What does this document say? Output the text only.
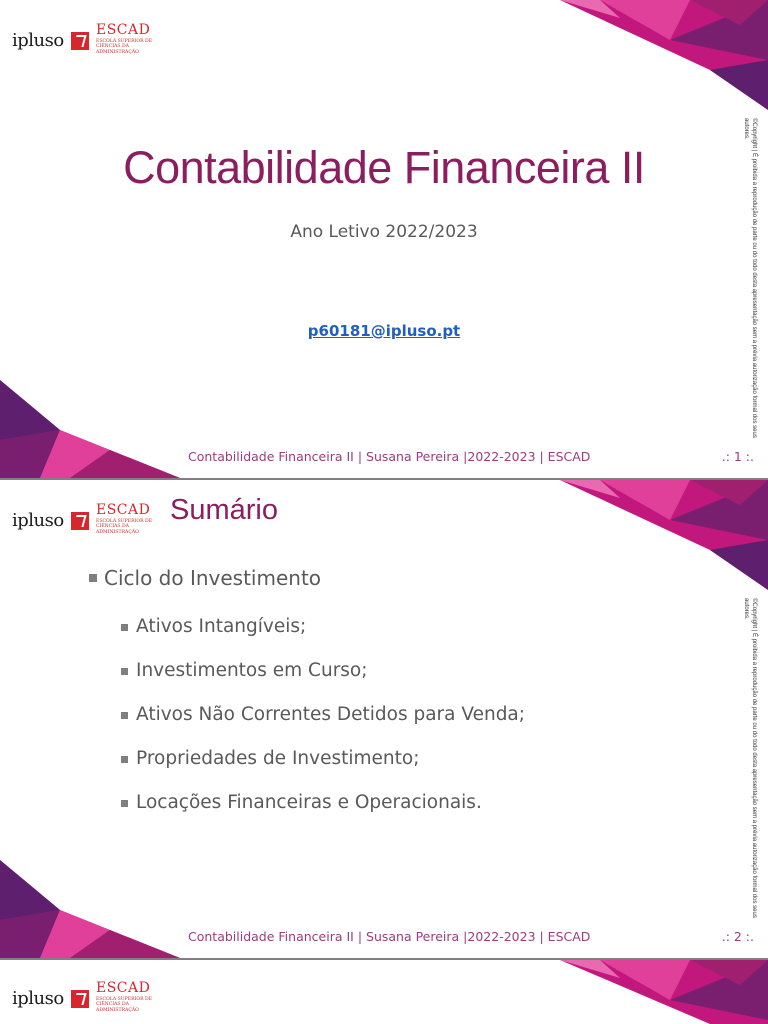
ipluso ESCAD
ESCOLA SUPERIOR DE CIÊNCIAS DA ADMINISTRAÇÃO
Contabilidade Financeira II
Ano Letivo 2022/2023
p60181@ipluso.pt	©Copyright | É proibida a reprodução de parte ou do todo desta apresentação sem a prévia autorização formal dos seus autores.
Contabilidade Financeira II | Susana Pereira |2022-2023 | ESCAD	.: 1 :.
ipluso ESCAD
ESCOLA SUPERIOR DE CIÊNCIAS DA ADMINISTRAÇÃO
Sumário
Ciclo do Investimento
Ativos Intangíveis;
Investimentos em Curso;
Ativos Não Correntes Detidos para Venda;
Propriedades de Investimento;
Locações Financeiras e Operacionais.	©Copyright | É proibida a reprodução de parte ou do todo desta apresentação sem a prévia autorização formal dos seus autores.
Contabilidade Financeira II | Susana Pereira |2022-2023 | ESCAD	.: 2 :.
ipluso ESCAD
ESCOLA SUPERIOR DE CIÊNCIAS DA ADMINISTRAÇÃO
